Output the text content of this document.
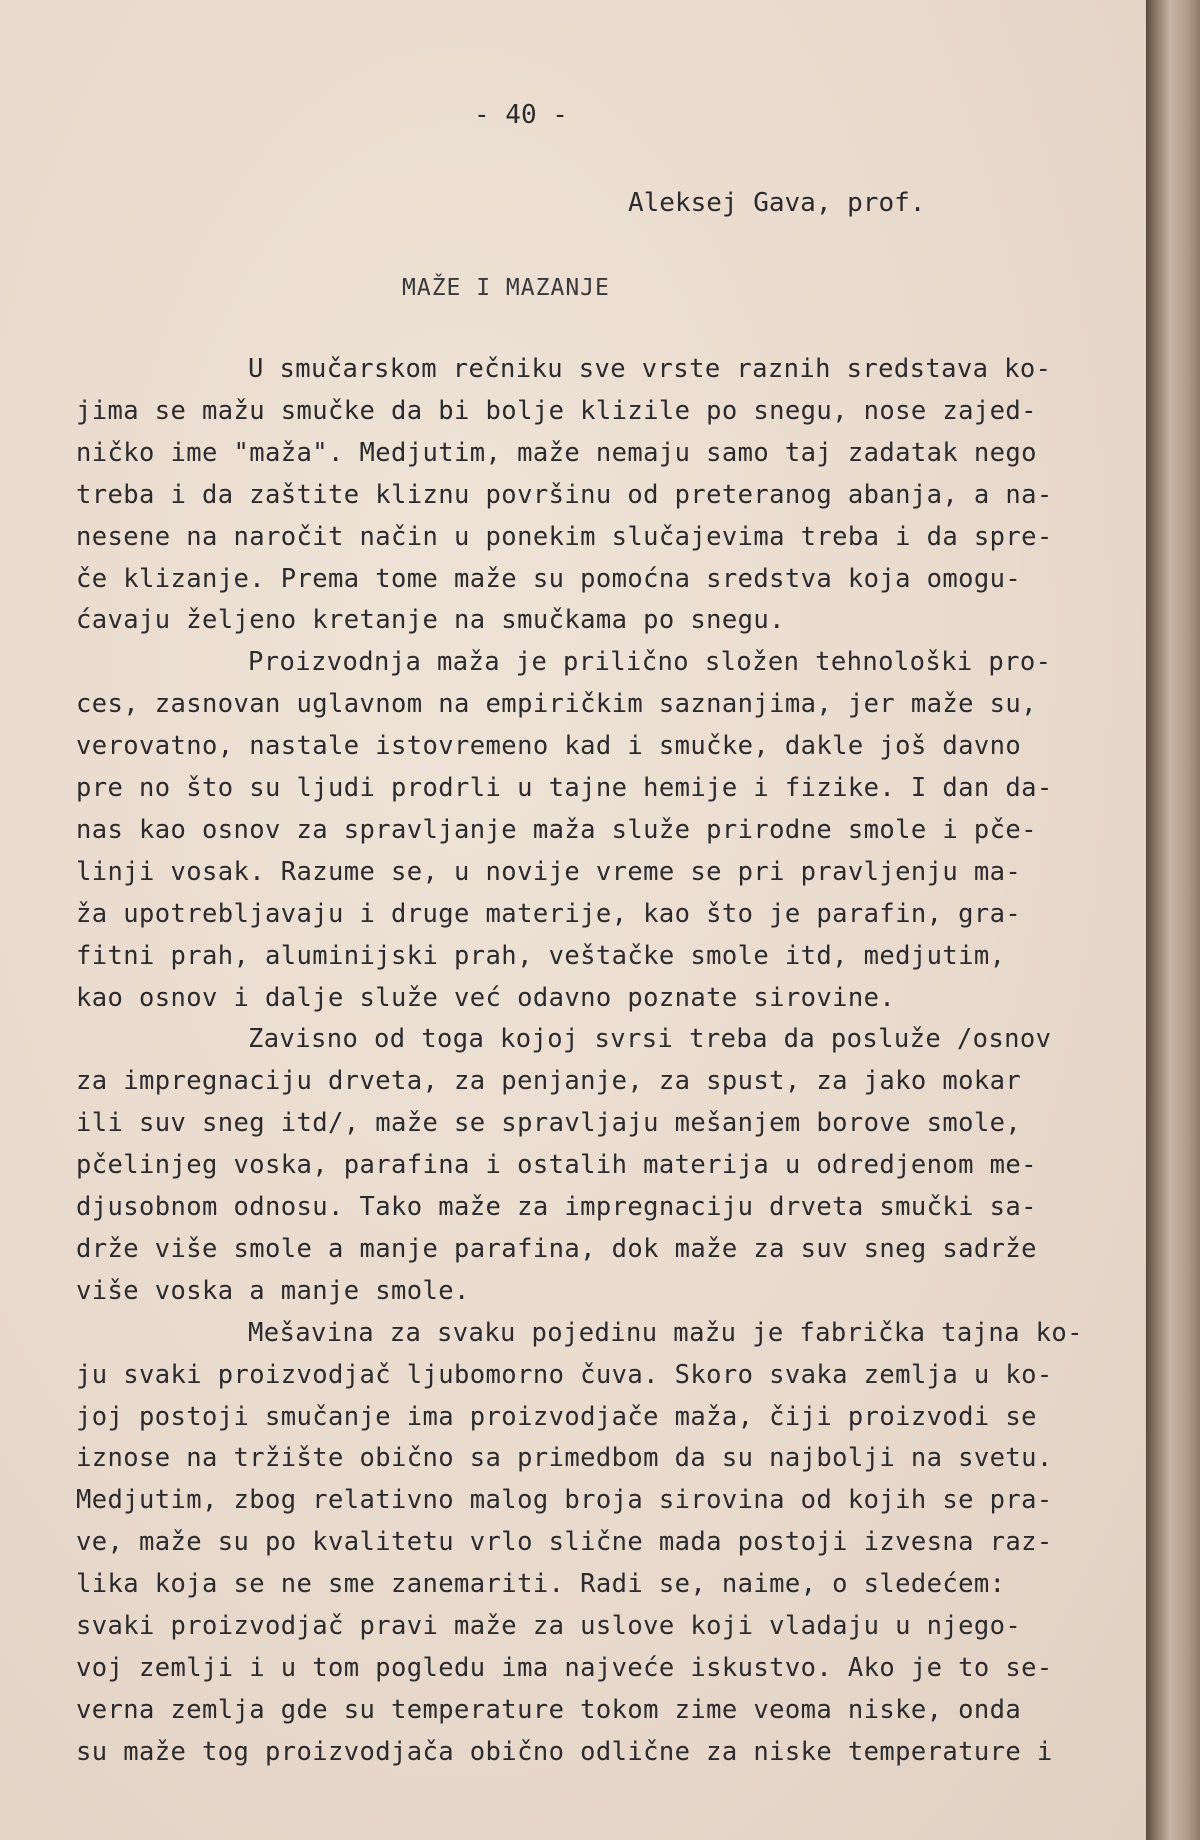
- 40 -
Aleksej Gava, prof.
MAŽE I MAZANJE
U smučarskom rečniku sve vrste raznih sredstava ko-
jima se mažu smučke da bi bolje klizile po snegu, nose zajed-
ničko ime "maža". Medjutim, maže nemaju samo taj zadatak nego
treba i da zaštite kliznu površinu od preteranog abanja, a na-
nesene na naročit način u ponekim slučajevima treba i da spre-
če klizanje. Prema tome maže su pomoćna sredstva koja omogu-
ćavaju željeno kretanje na smučkama po snegu.
Proizvodnja maža je prilično složen tehnološki pro-
ces, zasnovan uglavnom na empiričkim saznanjima, jer maže su,
verovatno, nastale istovremeno kad i smučke, dakle još davno
pre no što su ljudi prodrli u tajne hemije i fizike. I dan da-
nas kao osnov za spravljanje maža služe prirodne smole i pče-
linji vosak. Razume se, u novije vreme se pri pravljenju ma-
ža upotrebljavaju i druge materije, kao što je parafin, gra-
fitni prah, aluminijski prah, veštačke smole itd, medjutim,
kao osnov i dalje služe već odavno poznate sirovine.
Zavisno od toga kojoj svrsi treba da posluže /osnov
za impregnaciju drveta, za penjanje, za spust, za jako mokar
ili suv sneg itd/, maže se spravljaju mešanjem borove smole,
pčelinjeg voska, parafina i ostalih materija u odredjenom me-
djusobnom odnosu. Tako maže za impregnaciju drveta smučki sa-
drže više smole a manje parafina, dok maže za suv sneg sadrže
više voska a manje smole.
Mešavina za svaku pojedinu mažu je fabrička tajna ko-
ju svaki proizvodjač ljubomorno čuva. Skoro svaka zemlja u ko-
joj postoji smučanje ima proizvodjače maža, čiji proizvodi se
iznose na tržište obično sa primedbom da su najbolji na svetu.
Medjutim, zbog relativno malog broja sirovina od kojih se pra-
ve, maže su po kvalitetu vrlo slične mada postoji izvesna raz-
lika koja se ne sme zanemariti. Radi se, naime, o sledećem:
svaki proizvodjač pravi maže za uslove koji vladaju u njego-
voj zemlji i u tom pogledu ima najveće iskustvo. Ako je to se-
verna zemlja gde su temperature tokom zime veoma niske, onda
su maže tog proizvodjača obično odlične za niske temperature i
